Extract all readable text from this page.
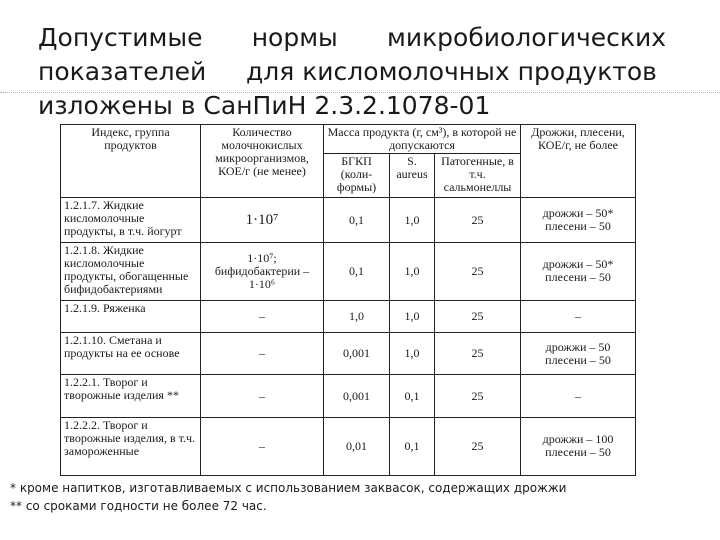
Допустимые нормы микробиологических
показателей     для кисломолочных продуктов
изложены в СанПиН 2.3.2.1078-01
Индекс, группа продуктов	Количество молочнокислых микроорганизмов, КОЕ/г (не менее)	Масса продукта (г, см³), в которой не допускаются			Дрожжи, плесени, КОЕ/г, не более
		БГКП (коли-формы)	S. aureus	Патогенные, в т.ч. сальмонеллы	
1.2.1.7. Жидкие кисломолочные продукты, в т.ч. йогурт	1·10⁷	0,1	1,0	25	дрожжи – 50* плесени – 50
1.2.1.8. Жидкие кисломолочные продукты, обогащенные бифидобактериями	1·10⁷; бифидобактерии – 1·10⁶	0,1	1,0	25	дрожжи – 50* плесени – 50
1.2.1.9. Ряженка	–	1,0	1,0	25	–
1.2.1.10. Сметана и продукты на ее основе	–	0,001	1,0	25	дрожжи – 50 плесени – 50
1.2.2.1. Творог и творожные изделия **	–	0,001	0,1	25	–
1.2.2.2. Творог и творожные изделия, в т.ч. замороженные	–	0,01	0,1	25	дрожжи – 100 плесени – 50
* кроме напитков, изготавливаемых с использованием заквасок, содержащих дрожжи
** со сроками годности не более 72 час.
